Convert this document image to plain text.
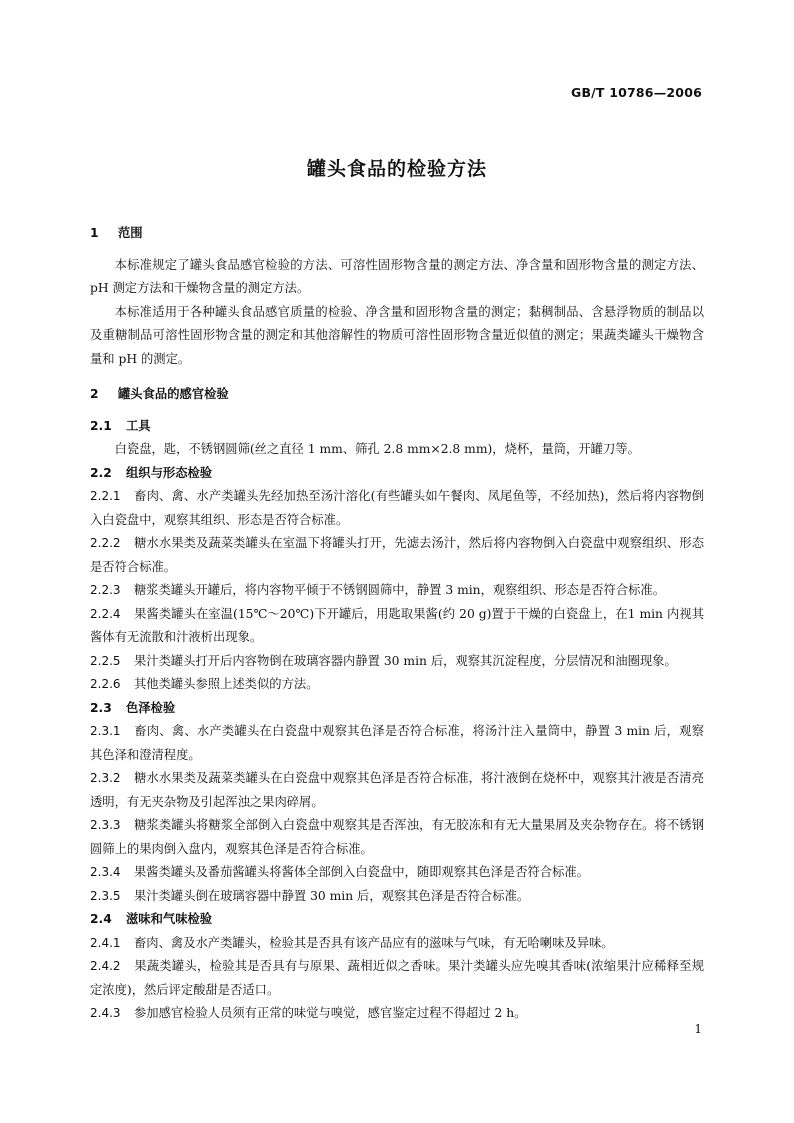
GB/T 10786—2006
罐头食品的检验方法
1 范围
本标准规定了罐头食品感官检验的方法、可溶性固形物含量的测定方法、净含量和固形物含量的测定方法、pH 测定方法和干燥物含量的测定方法。
本标准适用于各种罐头食品感官质量的检验、净含量和固形物含量的测定；黏稠制品、含悬浮物质的制品以及重糖制品可溶性固形物含量的测定和其他溶解性的物质可溶性固形物含量近似值的测定；果蔬类罐头干燥物含量和 pH 的测定。
2 罐头食品的感官检验
2.1 工具
白瓷盘，匙，不锈钢圆筛(丝之直径 1 mm、筛孔 2.8 mm×2.8 mm)，烧杯，量筒，开罐刀等。
2.2 组织与形态检验
2.2.1 畜肉、禽、水产类罐头先经加热至汤汁溶化(有些罐头如午餐肉、凤尾鱼等，不经加热)，然后将内容物倒入白瓷盘中，观察其组织、形态是否符合标准。
2.2.2 糖水水果类及蔬菜类罐头在室温下将罐头打开，先滤去汤汁，然后将内容物倒入白瓷盘中观察组织、形态是否符合标准。
2.2.3 糖浆类罐头开罐后，将内容物平倾于不锈钢圆筛中，静置 3 min，观察组织、形态是否符合标准。
2.2.4 果酱类罐头在室温(15℃～20℃)下开罐后，用匙取果酱(约 20 g)置于干燥的白瓷盘上，在1 min 内视其酱体有无流散和汁液析出现象。
2.2.5 果汁类罐头打开后内容物倒在玻璃容器内静置 30 min 后，观察其沉淀程度，分层情况和油圈现象。
2.2.6 其他类罐头参照上述类似的方法。
2.3 色泽检验
2.3.1 畜肉、禽、水产类罐头在白瓷盘中观察其色泽是否符合标准，将汤汁注入量筒中，静置 3 min 后，观察其色泽和澄清程度。
2.3.2 糖水水果类及蔬菜类罐头在白瓷盘中观察其色泽是否符合标准，将汁液倒在烧杯中，观察其汁液是否清亮透明，有无夹杂物及引起浑浊之果肉碎屑。
2.3.3 糖浆类罐头将糖浆全部倒入白瓷盘中观察其是否浑浊，有无胶冻和有无大量果屑及夹杂物存在。将不锈钢圆筛上的果肉倒入盘内，观察其色泽是否符合标准。
2.3.4 果酱类罐头及番茄酱罐头将酱体全部倒入白瓷盘中，随即观察其色泽是否符合标准。
2.3.5 果汁类罐头倒在玻璃容器中静置 30 min 后，观察其色泽是否符合标准。
2.4 滋味和气味检验
2.4.1 畜肉、禽及水产类罐头，检验其是否具有该产品应有的滋味与气味，有无哈喇味及异味。
2.4.2 果蔬类罐头，检验其是否具有与原果、蔬相近似之香味。果汁类罐头应先嗅其香味(浓缩果汁应稀释至规定浓度)，然后评定酸甜是否适口。
2.4.3 参加感官检验人员须有正常的味觉与嗅觉，感官鉴定过程不得超过 2 h。
1
